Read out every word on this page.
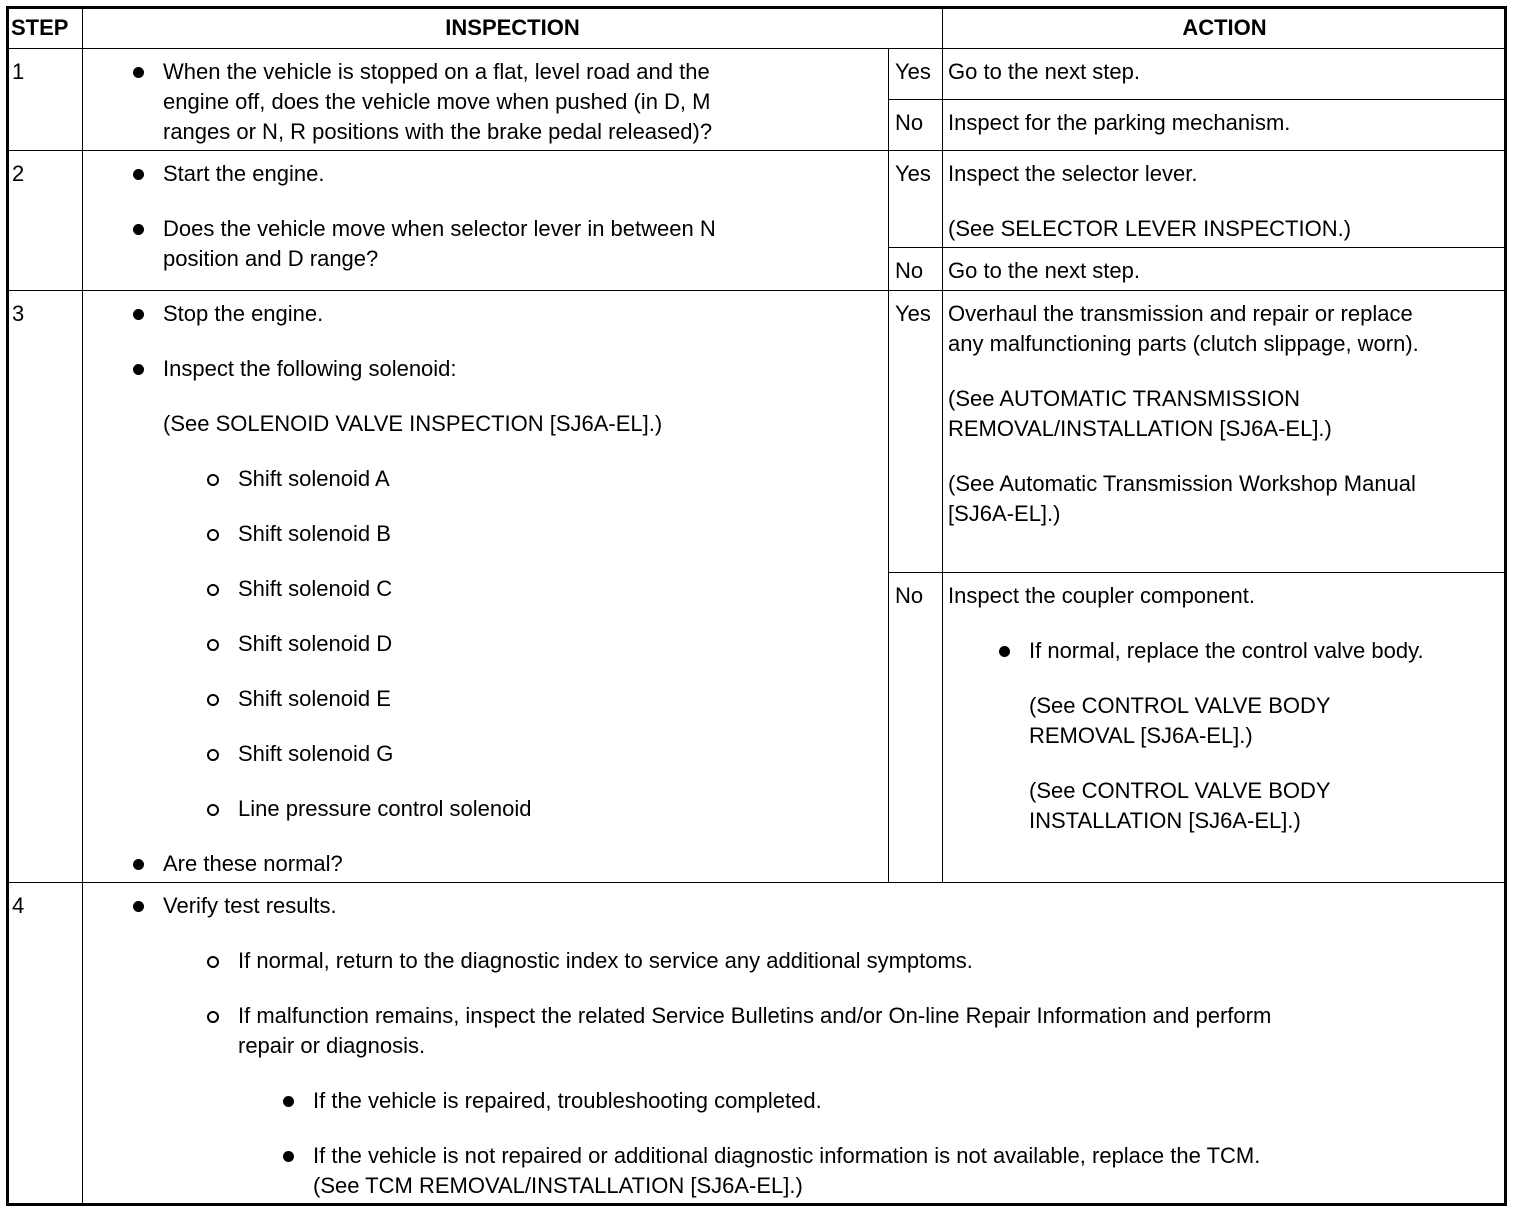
STEP	INSPECTION	ACTION
1	When the vehicle is stopped on a flat, level road and the
engine off, does the vehicle move when pushed (in D, M
ranges or N, R positions with the brake pedal released)?
Yes Go to the next step.
No	Inspect for the parking mechanism.
2	Start the engine.
Does the vehicle move when selector lever in between N
position and D range?
Yes Inspect the selector lever.
(See SELECTOR LEVER INSPECTION.)
No	Go to the next step.
3	Stop the engine.
Inspect the following solenoid:
(See SOLENOID VALVE INSPECTION [SJ6A-EL].)
Shift solenoid A
Shift solenoid B
Shift solenoid C
Shift solenoid D
Shift solenoid E
Shift solenoid G
Line pressure control solenoid
Are these normal?
Yes Overhaul the transmission and repair or replace
any malfunctioning parts (clutch slippage, worn).
(See AUTOMATIC TRANSMISSION
REMOVAL/INSTALLATION [SJ6A-EL].)
(See Automatic Transmission Workshop Manual
[SJ6A-EL].)
No	Inspect the coupler component.
If normal, replace the control valve body.
(See CONTROL VALVE BODY
REMOVAL [SJ6A-EL].)
(See CONTROL VALVE BODY
INSTALLATION [SJ6A-EL].)
4	Verify test results.
If normal, return to the diagnostic index to service any additional symptoms.
If malfunction remains, inspect the related Service Bulletins and/or On-line Repair Information and perform
repair or diagnosis.
If the vehicle is repaired, troubleshooting completed.
If the vehicle is not repaired or additional diagnostic information is not available, replace the TCM.
(See TCM REMOVAL/INSTALLATION [SJ6A-EL].)
